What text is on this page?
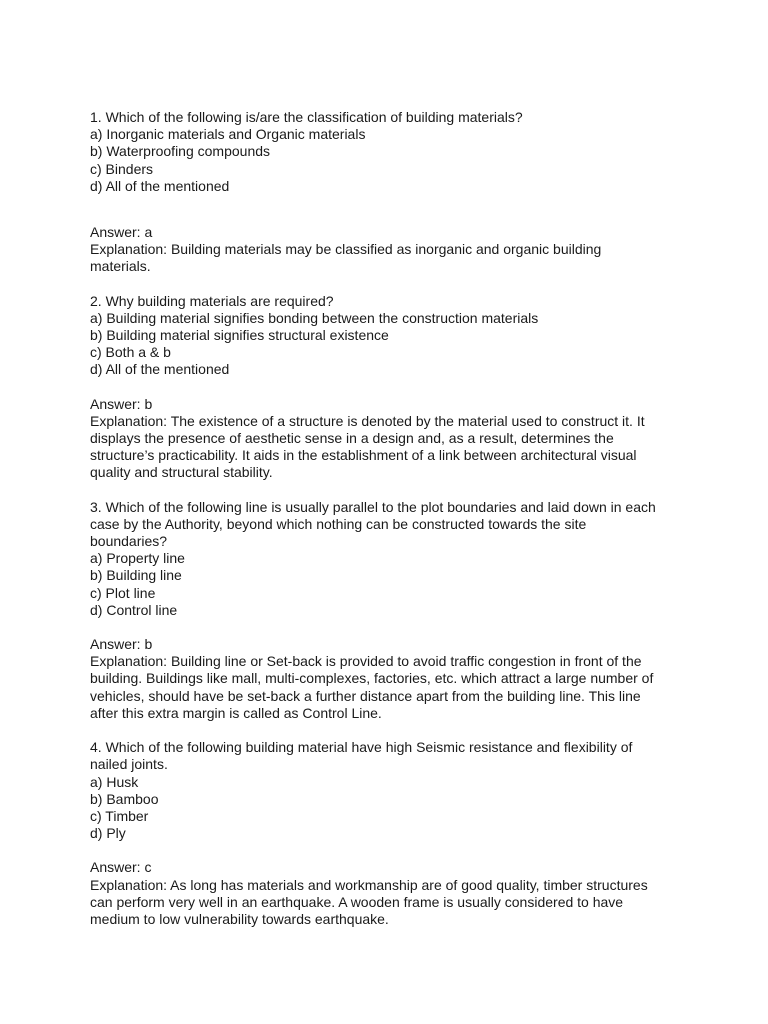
1. Which of the following is/are the classification of building materials?
a) Inorganic materials and Organic materials
b) Waterproofing compounds
c) Binders
d) All of the mentioned
Answer: a
Explanation: Building materials may be classified as inorganic and organic building
materials.
2. Why building materials are required?
a) Building material signifies bonding between the construction materials
b) Building material signifies structural existence
c) Both a & b
d) All of the mentioned
Answer: b
Explanation: The existence of a structure is denoted by the material used to construct it. It
displays the presence of aesthetic sense in a design and, as a result, determines the
structure’s practicability. It aids in the establishment of a link between architectural visual
quality and structural stability.
3. Which of the following line is usually parallel to the plot boundaries and laid down in each
case by the Authority, beyond which nothing can be constructed towards the site
boundaries?
a) Property line
b) Building line
c) Plot line
d) Control line
Answer: b
Explanation: Building line or Set-back is provided to avoid traffic congestion in front of the
building. Buildings like mall, multi-complexes, factories, etc. which attract a large number of
vehicles, should have be set-back a further distance apart from the building line. This line
after this extra margin is called as Control Line.
4. Which of the following building material have high Seismic resistance and flexibility of
nailed joints.
a) Husk
b) Bamboo
c) Timber
d) Ply
Answer: c
Explanation: As long has materials and workmanship are of good quality, timber structures
can perform very well in an earthquake. A wooden frame is usually considered to have
medium to low vulnerability towards earthquake.
